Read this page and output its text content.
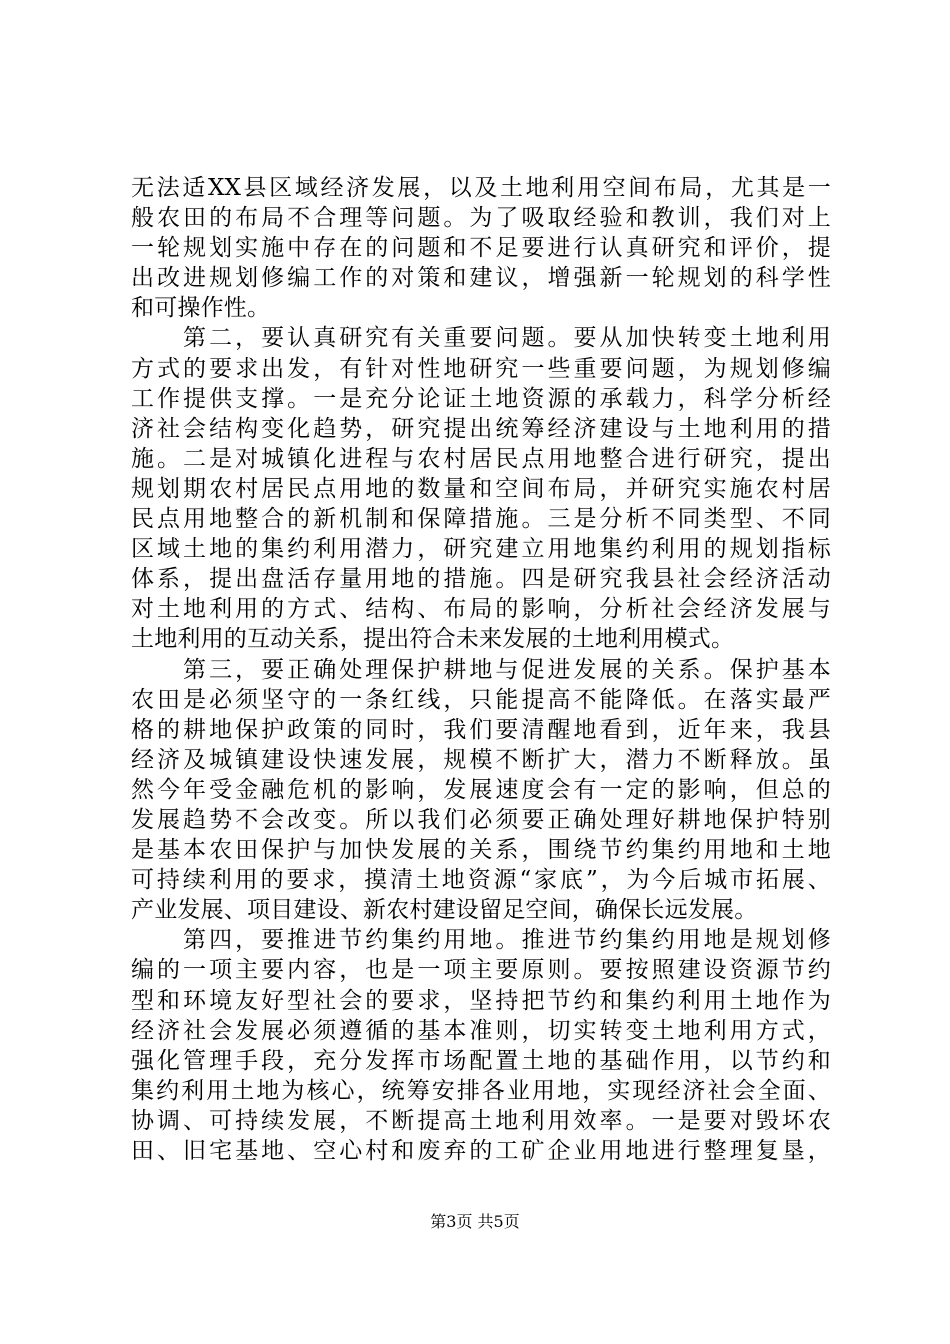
无法适XX县区域经济发展，以及土地利用空间布局，尤其是一
般农田的布局不合理等问题。为了吸取经验和教训，我们对上
一轮规划实施中存在的问题和不足要进行认真研究和评价，提
出改进规划修编工作的对策和建议，增强新一轮规划的科学性
和可操作性。
　　第二，要认真研究有关重要问题。要从加快转变土地利用
方式的要求出发，有针对性地研究一些重要问题，为规划修编
工作提供支撑。一是充分论证土地资源的承载力，科学分析经
济社会结构变化趋势，研究提出统筹经济建设与土地利用的措
施。二是对城镇化进程与农村居民点用地整合进行研究，提出
规划期农村居民点用地的数量和空间布局，并研究实施农村居
民点用地整合的新机制和保障措施。三是分析不同类型、不同
区域土地的集约利用潜力，研究建立用地集约利用的规划指标
体系，提出盘活存量用地的措施。四是研究我县社会经济活动
对土地利用的方式、结构、布局的影响，分析社会经济发展与
土地利用的互动关系，提出符合未来发展的土地利用模式。
　　第三，要正确处理保护耕地与促进发展的关系。保护基本
农田是必须坚守的一条红线，只能提高不能降低。在落实最严
格的耕地保护政策的同时，我们要清醒地看到，近年来，我县
经济及城镇建设快速发展，规模不断扩大，潜力不断释放。虽
然今年受金融危机的影响，发展速度会有一定的影响，但总的
发展趋势不会改变。所以我们必须要正确处理好耕地保护特别
是基本农田保护与加快发展的关系，围绕节约集约用地和土地
可持续利用的要求，摸清土地资源“家底”，为今后城市拓展、
产业发展、项目建设、新农村建设留足空间，确保长远发展。
　　第四，要推进节约集约用地。推进节约集约用地是规划修
编的一项主要内容，也是一项主要原则。要按照建设资源节约
型和环境友好型社会的要求，坚持把节约和集约利用土地作为
经济社会发展必须遵循的基本准则，切实转变土地利用方式，
强化管理手段，充分发挥市场配置土地的基础作用，以节约和
集约利用土地为核心，统筹安排各业用地，实现经济社会全面、
协调、可持续发展，不断提高土地利用效率。一是要对毁坏农
田、旧宅基地、空心村和废弃的工矿企业用地进行整理复垦，
第3页 共5页
